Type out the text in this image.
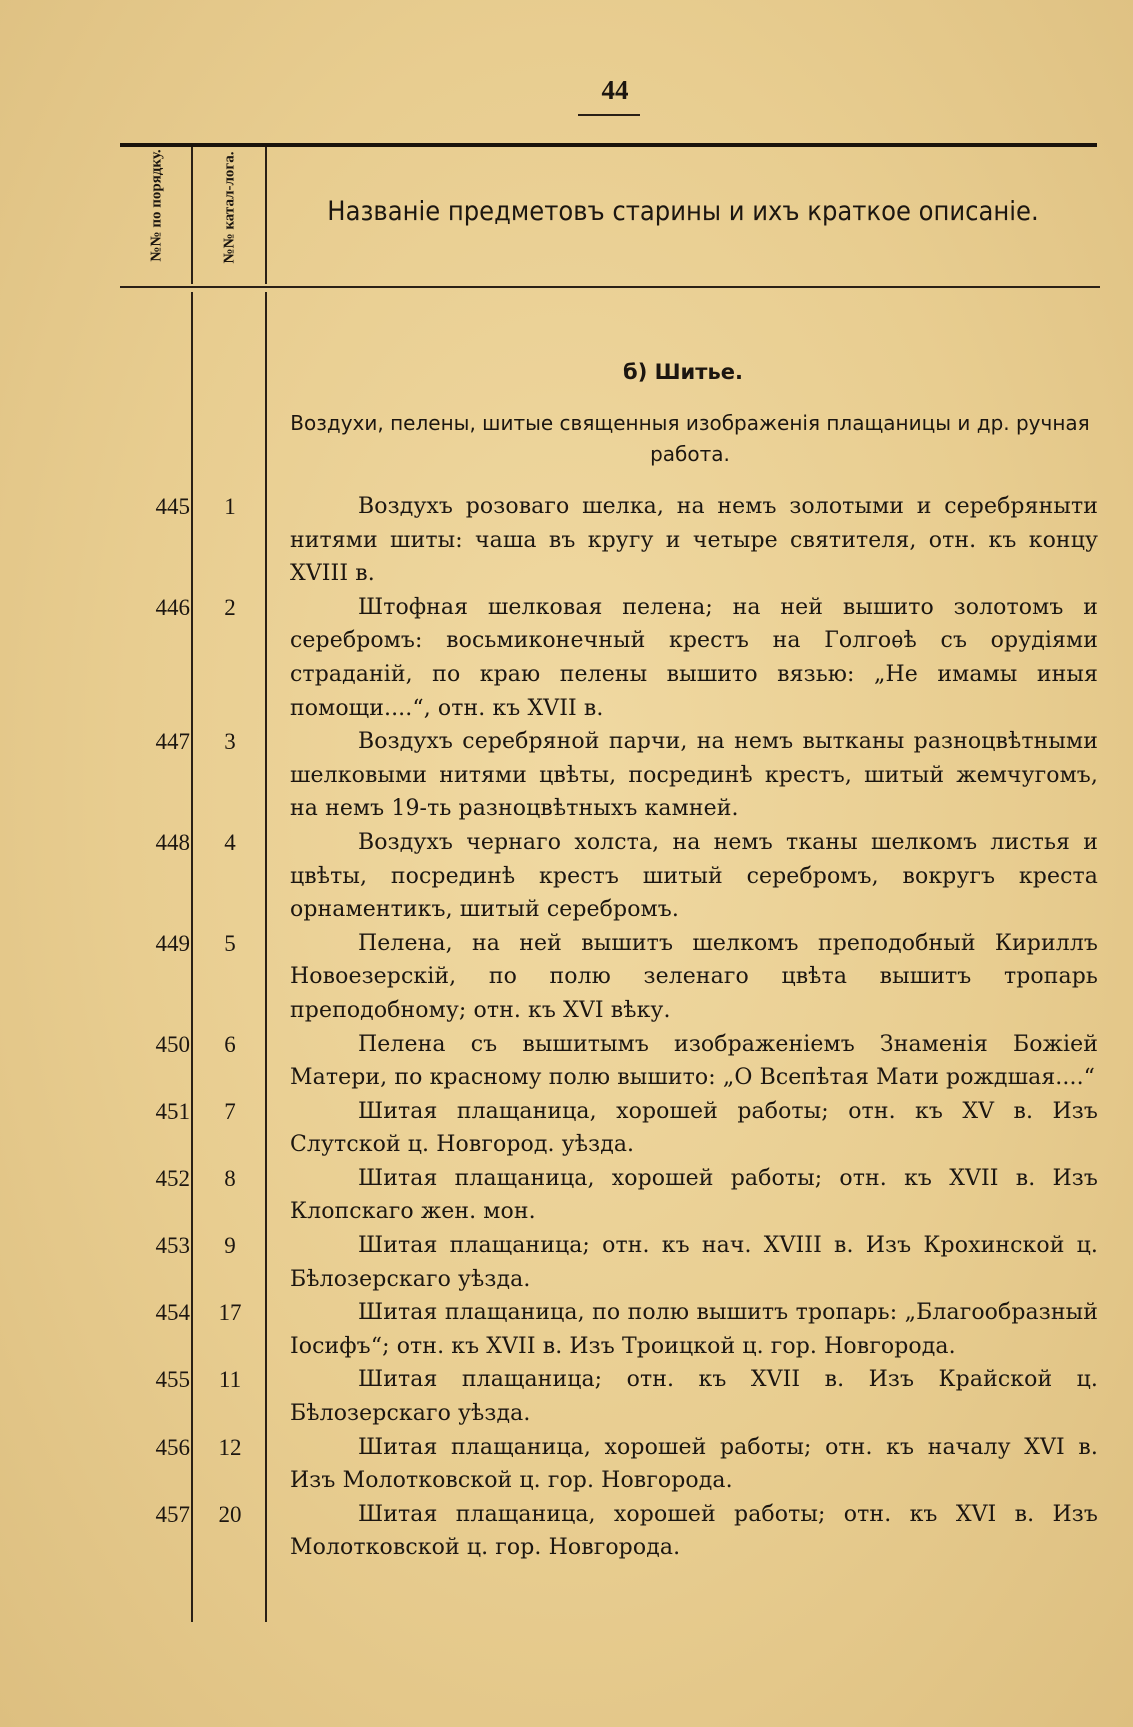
44
№№ по порядку.	№№ катал-лога.	Названіе предметовъ старины и ихъ краткое описаніе.
б) Шитье.
Воздухи, пелены, шитые священныя изображенія плащаницы и др. ручная работа.
445	1	Воздухъ розоваго шелка, на немъ золотыми и серебряныти нитями шиты: чаша въ кругу и четыре святителя, отн. къ концу XVIII в.
446	2	Штофная шелковая пелена; на ней вышито золотомъ и серебромъ: восьмиконечный крестъ на Голгоѳѣ съ орудіями страданій, по краю пелены вышито вязью: „Не имамы иныя помощи....“, отн. къ XVII в.
447	3	Воздухъ серебряной парчи, на немъ вытканы разноцвѣтными шелковыми нитями цвѣты, посрединѣ крестъ, шитый жемчугомъ, на немъ 19-ть разноцвѣтныхъ камней.
448	4	Воздухъ чернаго холста, на немъ тканы шелкомъ листья и цвѣты, посрединѣ крестъ шитый серебромъ, вокругъ креста орнаментикъ, шитый серебромъ.
449	5	Пелена, на ней вышитъ шелкомъ преподобный Кириллъ Новоезерскій, по полю зеленаго цвѣта вышитъ тропарь преподобному; отн. къ XVI вѣку.
450	6	Пелена съ вышитымъ изображеніемъ Знаменія Божіей Матери, по красному полю вышито: „О Всепѣтая Мати рождшая....“
451	7	Шитая плащаница, хорошей работы; отн. къ XV в. Изъ Слутской ц. Новгород. уѣзда.
452	8	Шитая плащаница, хорошей работы; отн. къ XVII в. Изъ Клопскаго жен. мон.
453	9	Шитая плащаница; отн. къ нач. XVIII в. Изъ Крохинской ц. Бѣлозерскаго уѣзда.
454	17	Шитая плащаница, по полю вышитъ тропарь: „Благообразный Іосифъ“; отн. къ XVII в. Изъ Троицкой ц. гор. Новгорода.
455	11	Шитая плащаница; отн. къ XVII в. Изъ Крайской ц. Бѣлозерскаго уѣзда.
456	12	Шитая плащаница, хорошей работы; отн. къ началу XVI в. Изъ Молотковской ц. гор. Новгорода.
457	20	Шитая плащаница, хорошей работы; отн. къ XVI в. Изъ Молотковской ц. гор. Новгорода.
